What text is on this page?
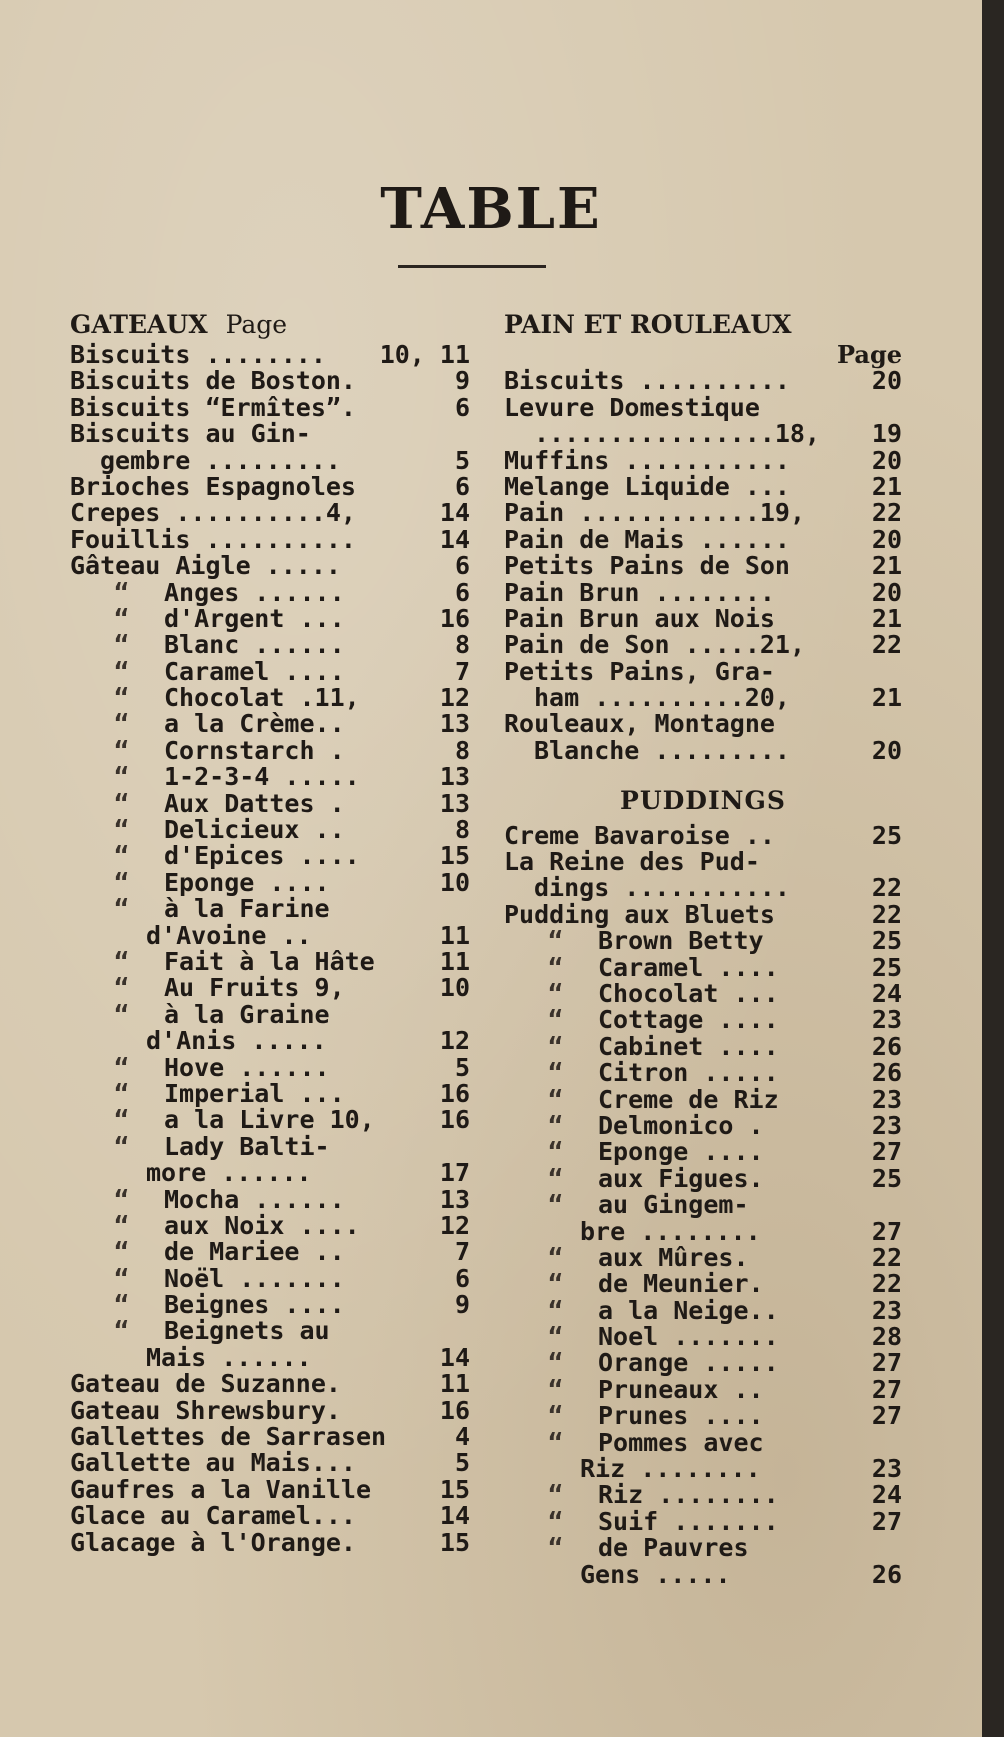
TABLE
GATEAUX Page
Biscuits ........	10, 11
Biscuits de Boston.	9
Biscuits “Ermîtes”.	6
Biscuits au Gin-
gembre .........	5
Brioches Espagnoles	6
Crepes ..........4,	14
Fouillis ..........	14
Gâteau Aigle .....	6
“ Anges ......	6
“ d'Argent ...	16
“ Blanc ......	8
“ Caramel ....	7
“ Chocolat .11,	12
“ a la Crème..	13
“ Cornstarch .	8
“ 1-2-3-4 .....	13
“ Aux Dattes .	13
“ Delicieux ..	8
“ d'Epices ....	15
“ Eponge ....	10
“ à la Farine
d'Avoine ..	11
“ Fait à la Hâte	11
“ Au Fruits 9,	10
“ à la Graine
d'Anis .....	12
“ Hove ......	5
“ Imperial ...	16
“ a la Livre 10,	16
“ Lady Balti-
more ......	17
“ Mocha ......	13
“ aux Noix ....	12
“ de Mariee ..	7
“ Noël .......	6
“ Beignes ....	9
“ Beignets au
Mais ......	14
Gateau de Suzanne.	11
Gateau Shrewsbury.	16
Gallettes de Sarrasen	4
Gallette au Mais...	5
Gaufres a la Vanille	15
Glace au Caramel...	14
Glacage à l'Orange.	15
PAIN ET ROULEAUX
Page
Biscuits ..........	20
Levure Domestique
................18,	19
Muffins ...........	20
Melange Liquide ...	21
Pain ............19,	22
Pain de Mais ......	20
Petits Pains de Son	21
Pain Brun ........	20
Pain Brun aux Nois	21
Pain de Son .....21,	22
Petits Pains, Gra-
ham ..........20,	21
Rouleaux, Montagne
Blanche .........	20
PUDDINGS
Creme Bavaroise ..	25
La Reine des Pud-
dings ...........	22
Pudding aux Bluets	22
“ Brown Betty	25
“ Caramel ....	25
“ Chocolat ...	24
“ Cottage ....	23
“ Cabinet ....	26
“ Citron .....	26
“ Creme de Riz	23
“ Delmonico .	23
“ Eponge ....	27
“ aux Figues.	25
“ au Gingem-
bre ........	27
“ aux Mûres.	22
“ de Meunier.	22
“ a la Neige..	23
“ Noel .......	28
“ Orange .....	27
“ Pruneaux ..	27
“ Prunes ....	27
“ Pommes avec
Riz ........	23
“ Riz ........	24
“ Suif .......	27
“ de Pauvres
Gens .....	26
